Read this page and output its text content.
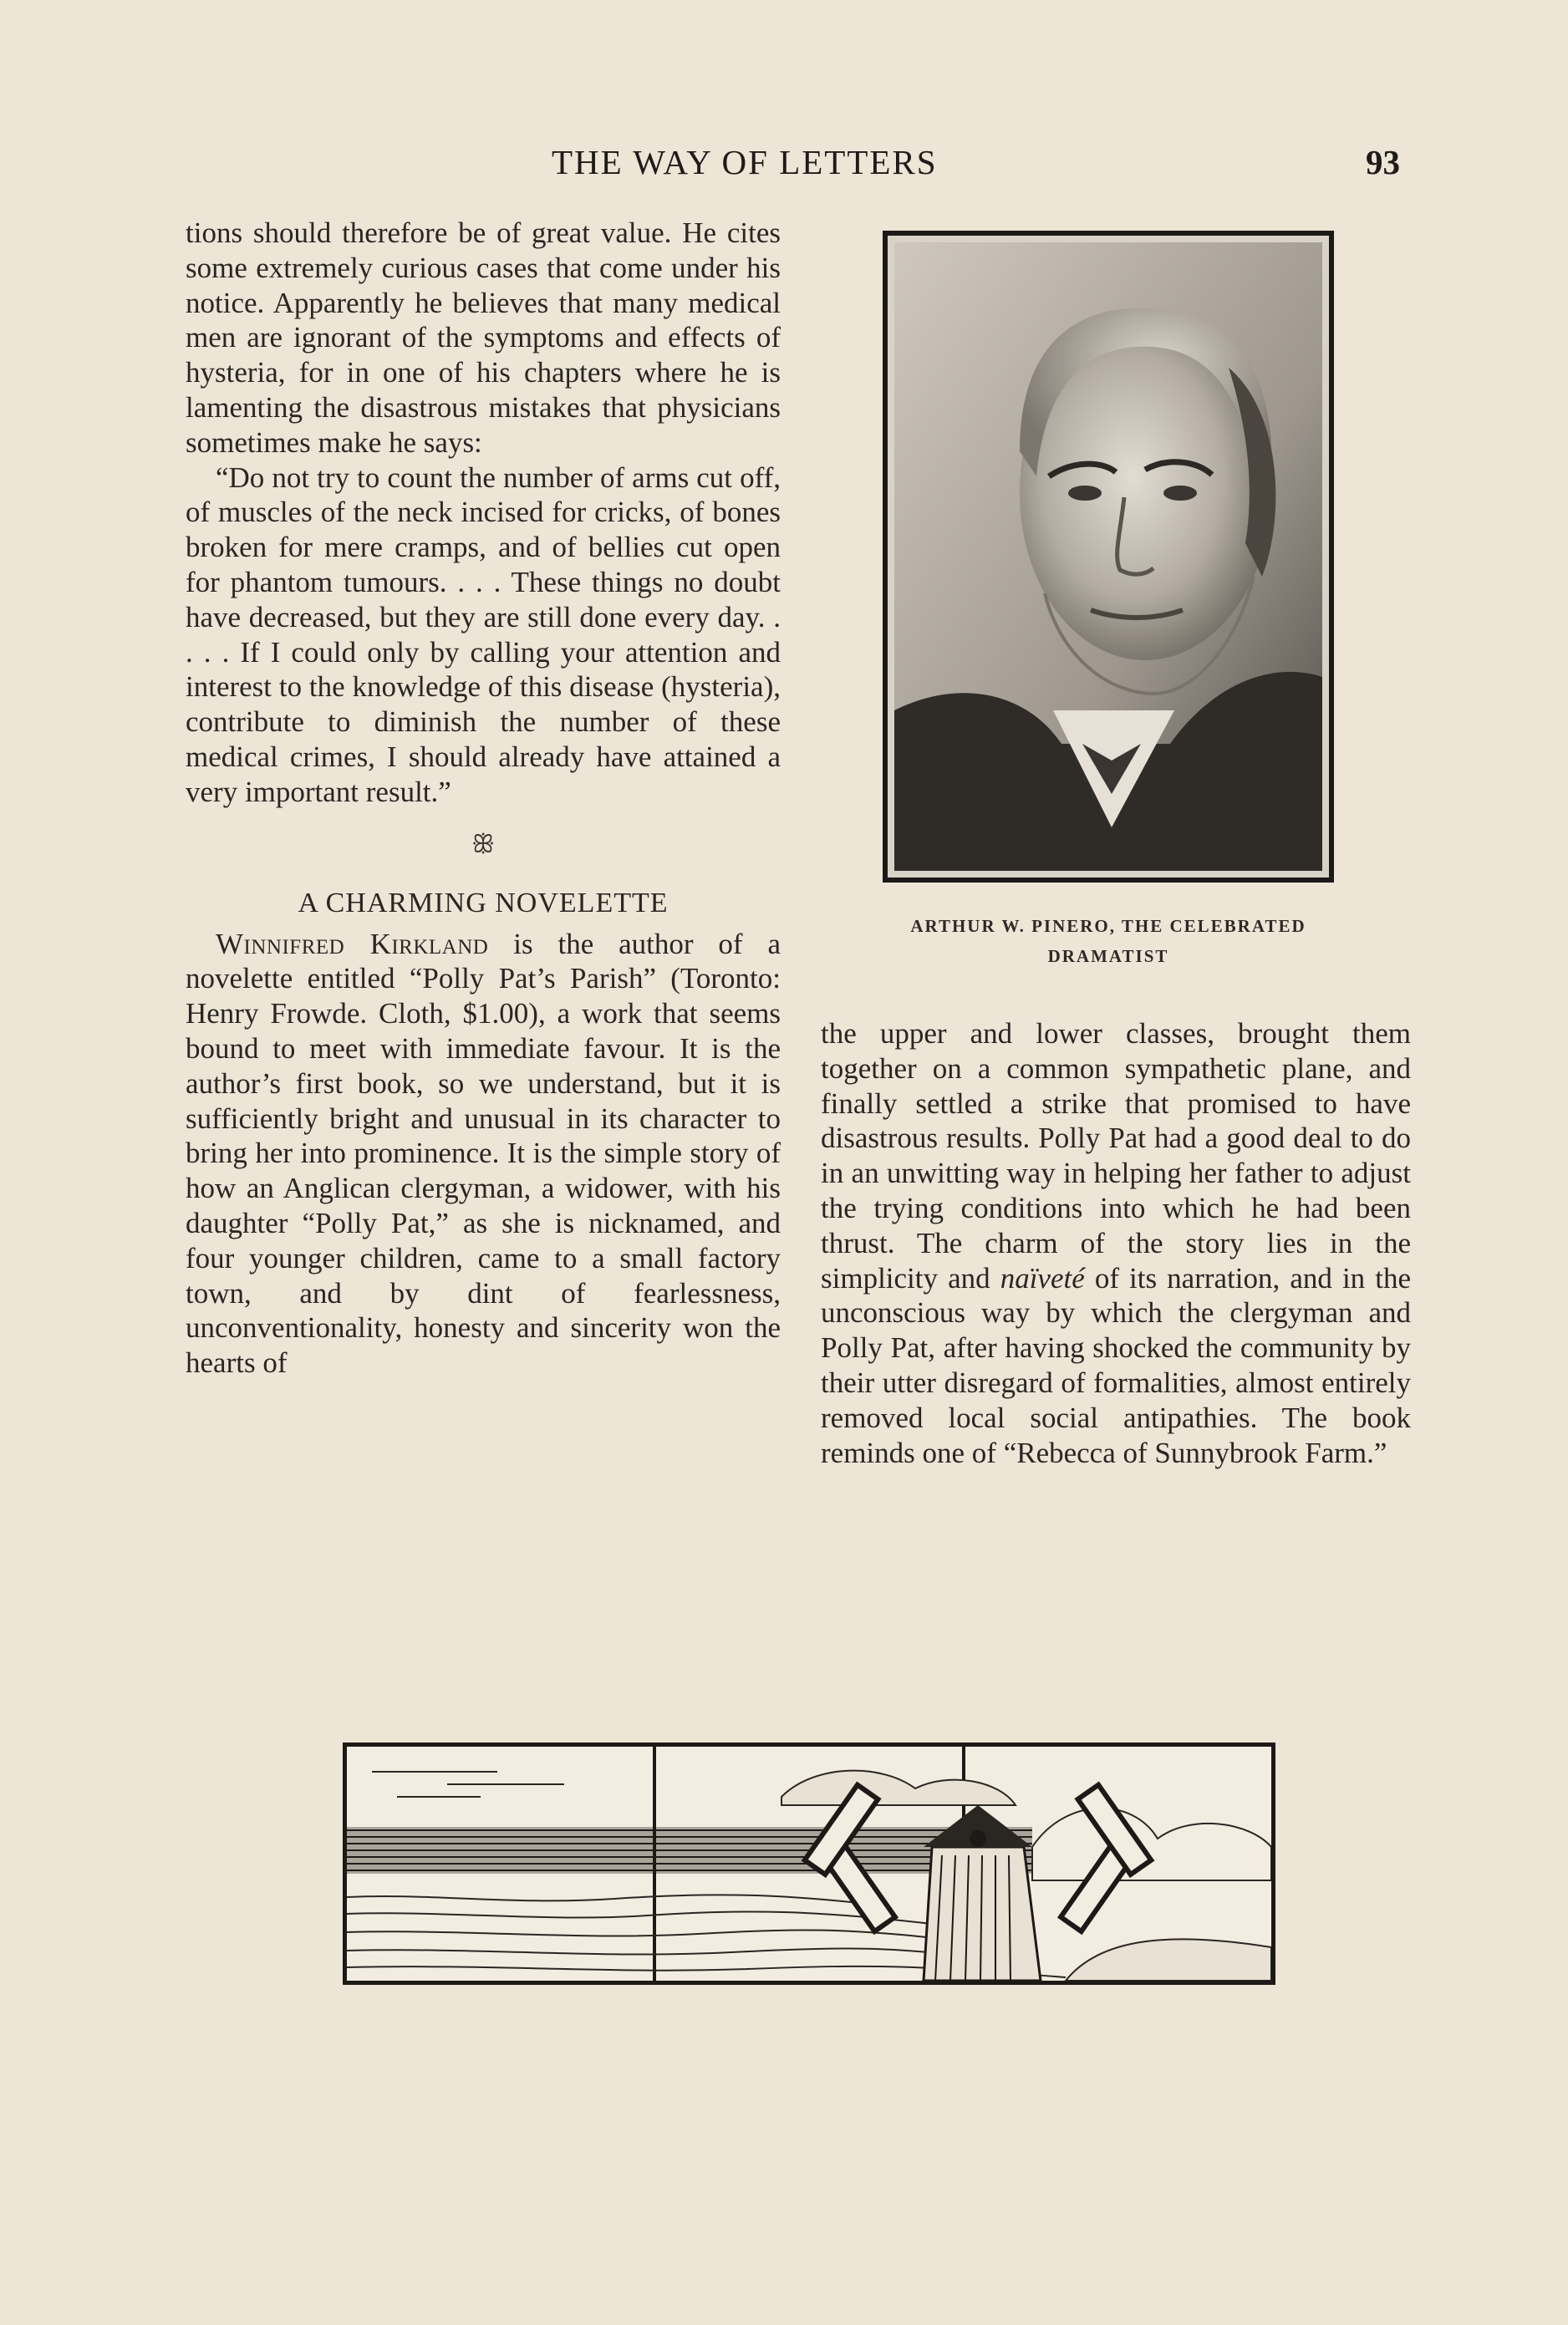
THE WAY OF LETTERS	93

tions should therefore be of great value. He cites some extremely curious cases that come under his notice. Apparently he believes that many medical men are ignorant of the symptoms and effects of hysteria, for in one of his chapters where he is lamenting the disastrous mistakes that physicians sometimes make he says:

“Do not try to count the number of arms cut off, of muscles of the neck incised for cricks, of bones broken for mere cramps, and of bellies cut open for phantom tumours. . . . These things no doubt have decreased, but they are still done every day. . . . . If I could only by calling your attention and interest to the knowledge of this disease (hysteria), contribute to diminish the number of these medical crimes, I should already have attained a very important result.”

ꕥ
A CHARMING NOVELETTE

Winnifred Kirkland is the author of a novelette entitled “Polly Pat’s Parish” (Toronto: Henry Frowde. Cloth, $1.00), a work that seems bound to meet with immediate favour. It is the author’s first book, so we understand, but it is sufficiently bright and unusual in its character to bring her into prominence. It is the simple story of how an Anglican clergyman, a widower, with his daughter “Polly Pat,” as she is nicknamed, and four younger children, came to a small factory town, and by dint of fearlessness, unconventionality, honesty and sincerity won the hearts of

ARTHUR W. PINERO, THE CELEBRATED DRAMATIST

the upper and lower classes, brought them together on a common sympathetic plane, and finally settled a strike that promised to have disastrous results. Polly Pat had a good deal to do in an unwitting way in helping her father to adjust the trying conditions into which he had been thrust. The charm of the story lies in the simplicity and naïveté of its narration, and in the unconscious way by which the clergyman and Polly Pat, after having shocked the community by their utter disregard of formalities, almost entirely removed local social antipathies. The book reminds one of “Rebecca of Sunnybrook Farm.”
